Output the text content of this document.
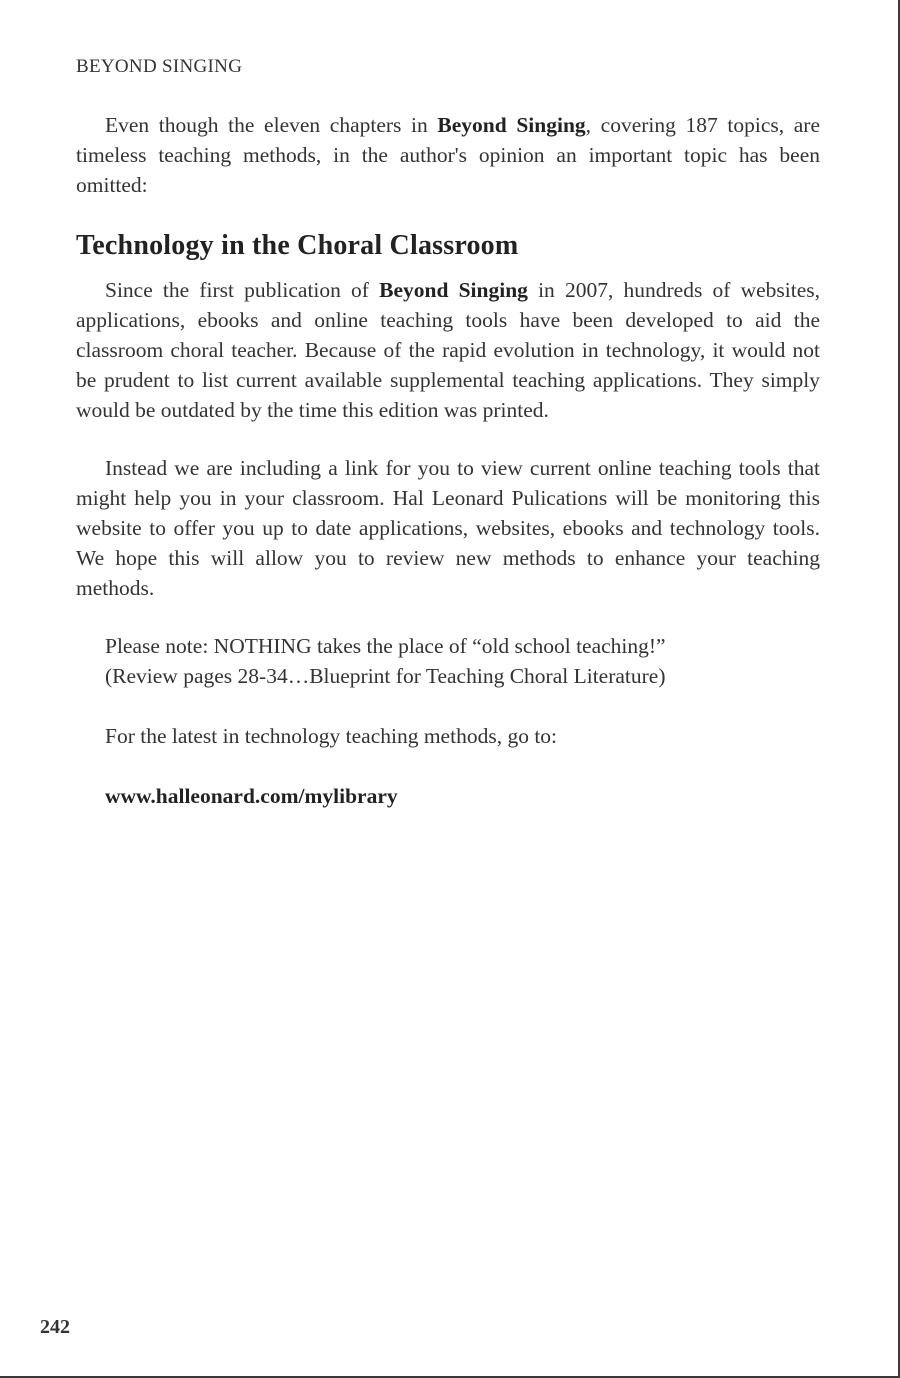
BEYOND SINGING

Even though the eleven chapters in Beyond Singing, covering 187 topics, are timeless teaching methods, in the author's opinion an important topic has been omitted:

Technology in the Choral Classroom

Since the first publication of Beyond Singing in 2007, hundreds of websites, applications, ebooks and online teaching tools have been developed to aid the classroom choral teacher. Because of the rapid evolution in technology, it would not be prudent to list current available supplemental teaching applications. They simply would be outdated by the time this edition was printed.

Instead we are including a link for you to view current online teaching tools that might help you in your classroom. Hal Leonard Pulications will be monitoring this website to offer you up to date applications, websites, ebooks and technology tools. We hope this will allow you to review new methods to enhance your teaching methods.

Please note: NOTHING takes the place of “old school teaching!”
(Review pages 28-34…Blueprint for Teaching Choral Literature)
For the latest in technology teaching methods, go to:
www.halleonard.com/mylibrary
242
